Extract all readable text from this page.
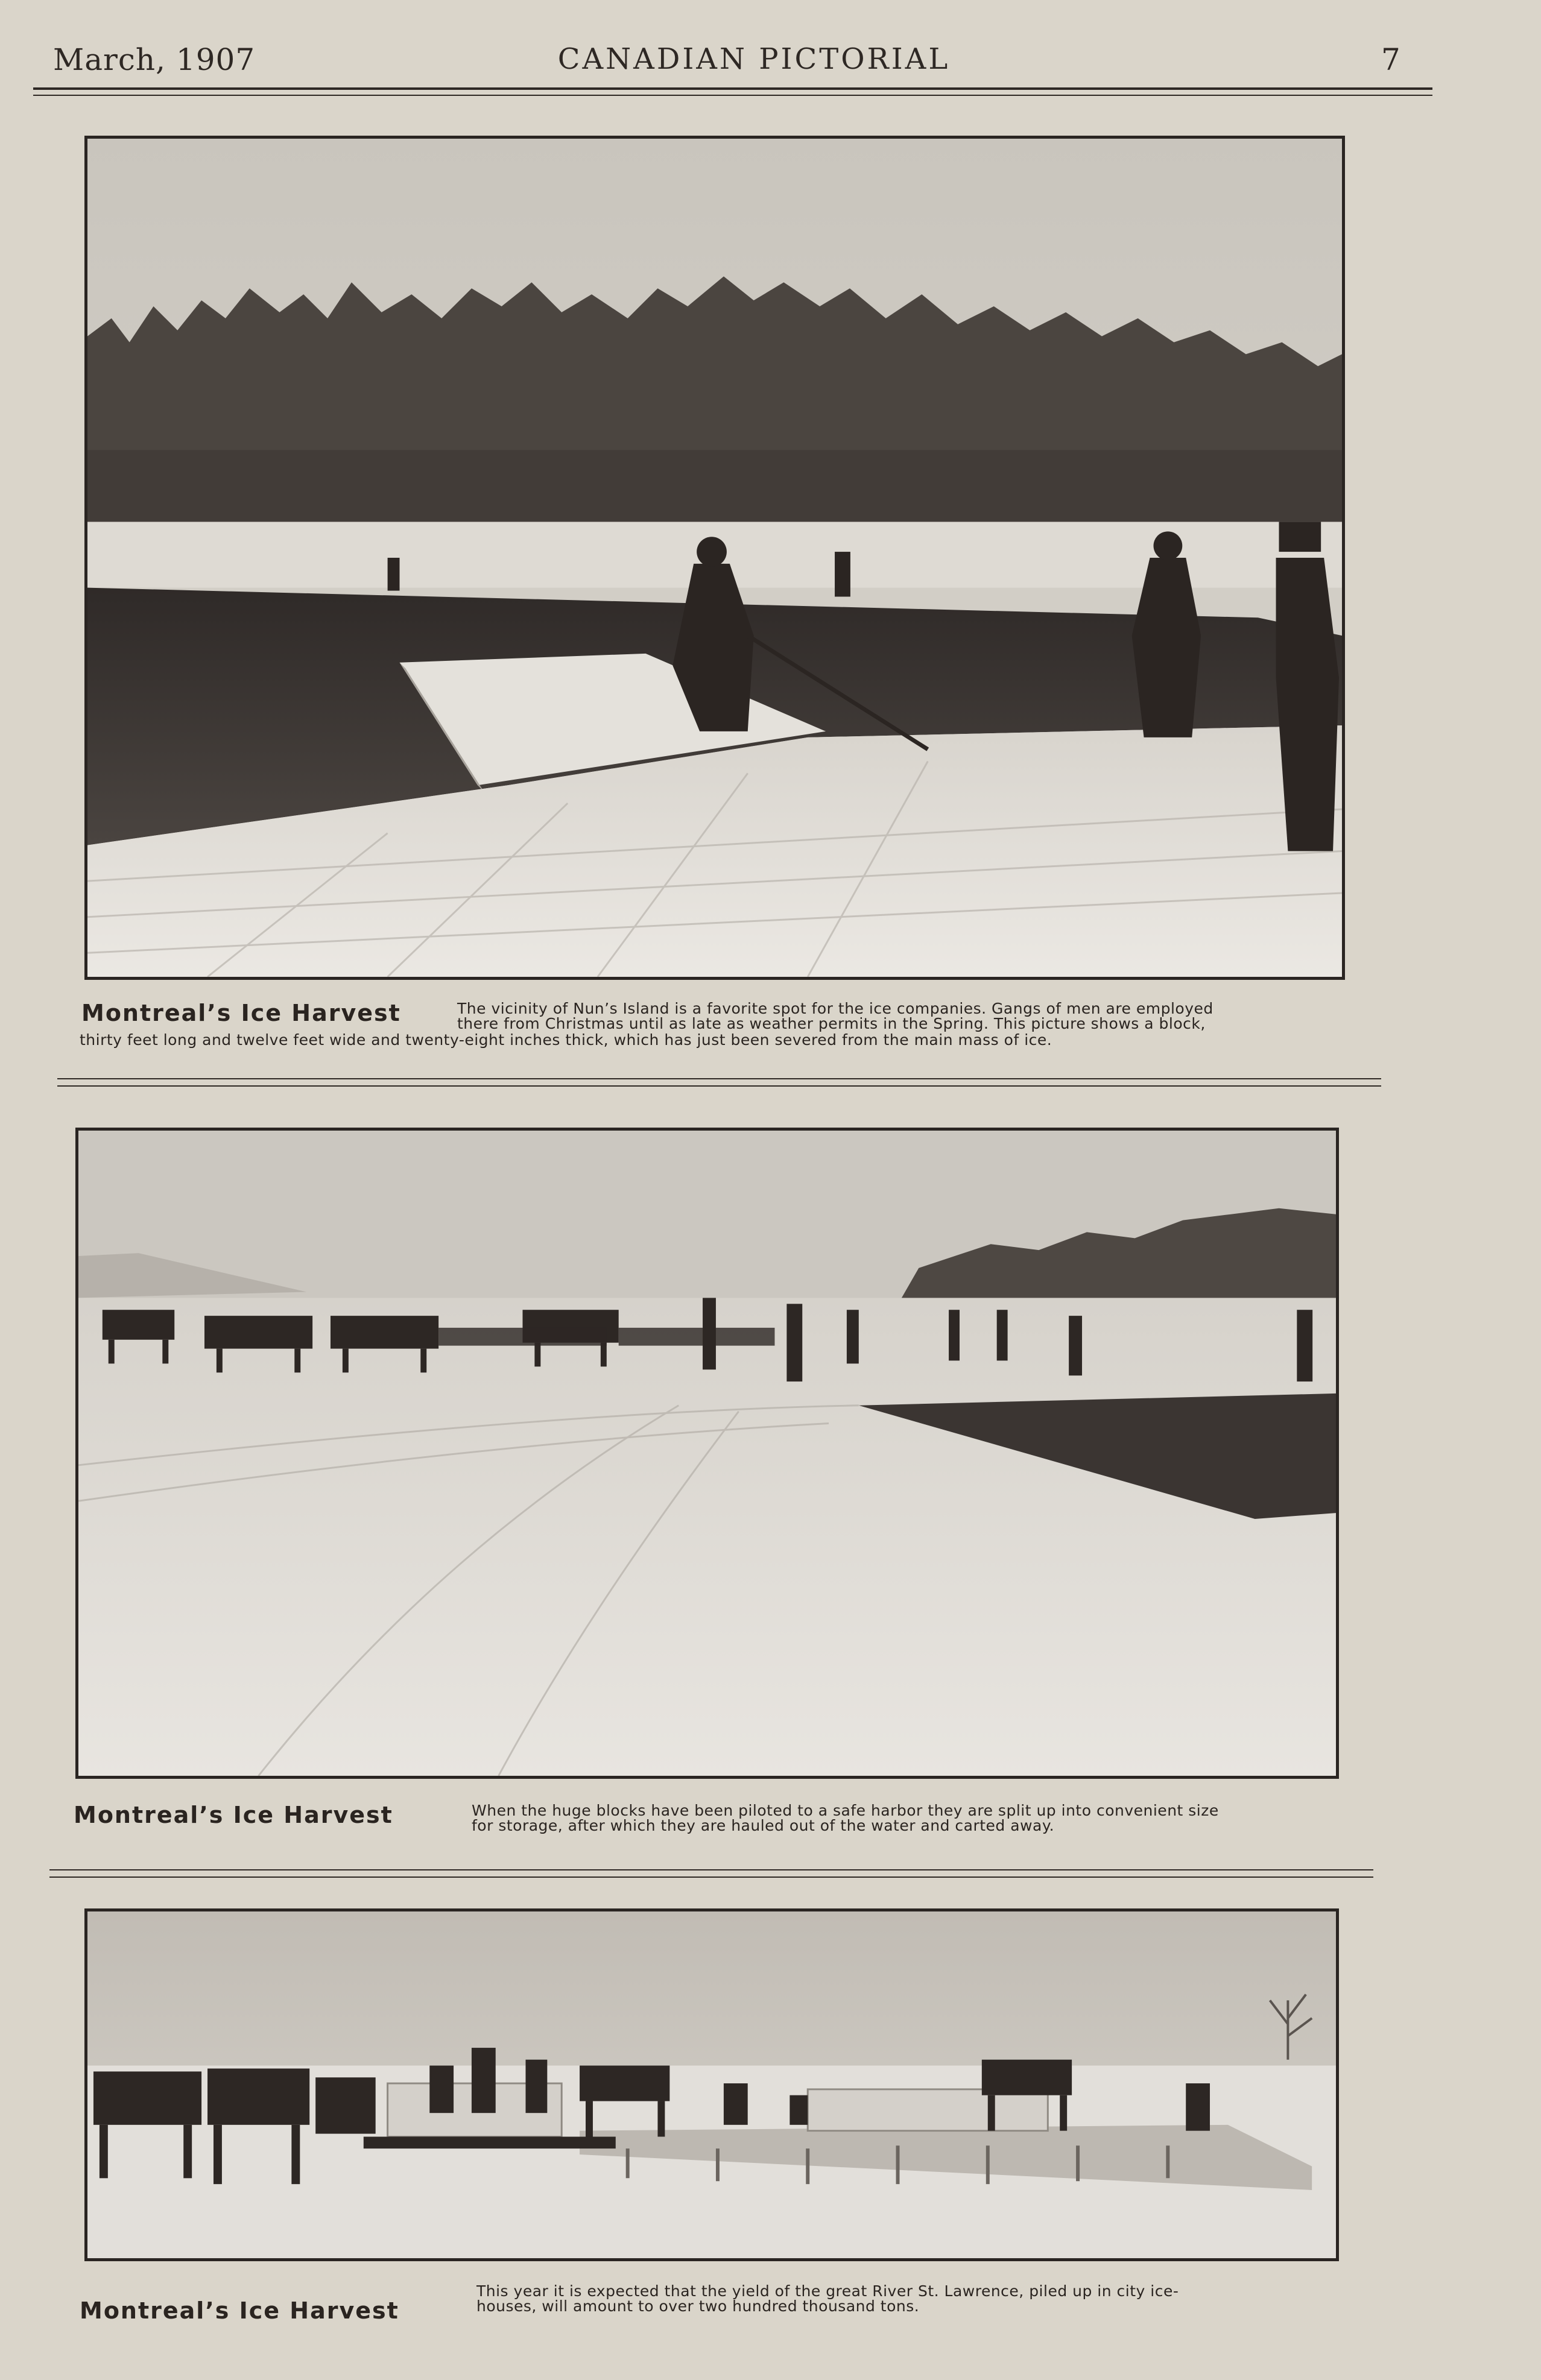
March, 1907	CANADIAN PICTORIAL	7
Montreal’s Ice Harvest	The vicinity of Nun’s Island is a favorite spot for the ice companies. Gangs of men are employed
there from Christmas until as late as weather permits in the Spring. This picture shows a block,
thirty feet long and twelve feet wide and twenty-eight inches thick, which has just been severed from the main mass of ice.
Montreal’s Ice Harvest	When the huge blocks have been piloted to a safe harbor they are split up into convenient size
for storage, after which they are hauled out of the water and carted away.
Montreal’s Ice Harvest
This year it is expected that the yield of the great River St. Lawrence, piled up in city ice-
houses, will amount to over two hundred thousand tons.
